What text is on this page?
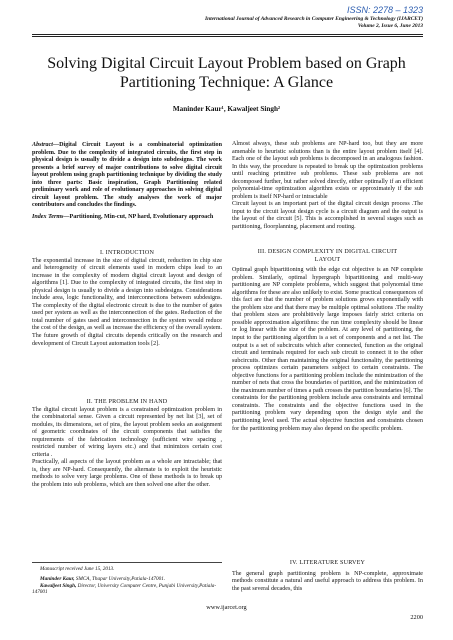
ISSN: 2278 – 1323
International Journal of Advanced Research in Computer Engineering & Technology (IJARCET)
Volume 2, Issue 6, June 2013
Solving Digital Circuit Layout Problem based on Graph Partitioning Technique: A Glance
Maninder Kaur¹, Kawaljeet Singh²
Abstract—Digital Circuit Layout is a combinatorial optimization problem. Due to the complexity of integrated circuits, the first step in physical design is usually to divide a design into subdesigns. The work presents a brief survey of major contributions to solve digital circuit layout problem using graph partitioning technique by dividing the study into three parts: Basic inspiration, Graph Partitioning related preliminary work and role of evolutionary approaches in solving digital circuit layout problem. The study analyses the work of major contributors and concludes the findings.
Index Terms—Partitioning, Min-cut, NP hard, Evolutionary approach
I. INTRODUCTION

The exponential increase in the size of digital circuit, reduction in chip size and heterogeneity of circuit elements used in modern chips lead to an increase in the complexity of modern digital circuit layout and design of algorithms [1]. Due to the complexity of integrated circuits, the first step in physical design is usually to divide a design into subdesigns. Considerations include area, logic functionality, and interconnections between subdesigns. The complexity of the digital electronic circuit is due to the number of gates used per system as well as the interconnection of the gates. Reduction of the total number of gates used and interconnection in the system would reduce the cost of the design, as well as increase the efficiency of the overall system. The future growth of digital circuits depends critically on the research and development of Circuit Layout automation tools [2].

II. THE PROBLEM IN HAND

The digital circuit layout problem is a constrained optimization problem in the combinatorial sense. Given a circuit represented by net list [3], set of modules, its dimensions, set of pins, the layout problem seeks an assignment of geometric coordinates of the circuit components that satisfies the requirements of the fabrication technology (sufficient wire spacing , restricted number of wiring layers etc.) and that minimizes certain cost criteria .

Practically, all aspects of the layout problem as a whole are intractable; that is, they are NP-hard. Consequently, the alternate is to exploit the heuristic methods to solve very large problems. One of these methods is to break up the problem into sub problems, which are then solved one after the other.

Manuscript received June 15, 2013.
Maninder Kaur, SMCA, Thapar University,Patiala-147001.
Kawaljeet Singh, Director, University Computer Centre, Punjabi University,Patiala-147001

Almost always, these sub problems are NP-hard too, but they are more amenable to heuristic solutions than is the entire layout problem itself [4]. Each one of the layout sub problems is decomposed in an analogous fashion. In this way, the procedure is repeated to break up the optimization problems until reaching primitive sub problems. These sub problems are not decomposed further, but rather solved directly, either optimally if an efficient polynomial-time optimization algorithm exists or approximately if the sub problem is itself NP-hard or intractable

Circuit layout is an important part of the digital circuit design process .The input to the circuit layout design cycle is a circuit diagram and the output is the layout of the circuit [5]. This is accomplished in several stages such as partitioning, floorplanning, placement and routing.

III. DESIGN COMPLEXITY IN DIGITAL CIRCUIT
LAYOUT

Optimal graph bipartitioning with the edge cut objective is an NP complete problem. Similarly, optimal hypergraph bipartitioning and multi-way partitioning are NP complete problems, which suggest that polynomial time algorithms for these are also unlikely to exist. Some practical consequences of this fact are that the number of problem solutions grows exponentially with the problem size and that there may be multiple optimal solutions .The reality that problem sizes are prohibitively large imposes fairly strict criteria on possible approximation algorithms: the run time complexity should be linear or log linear with the size of the problem. At any level of partitioning, the input to the partitioning algorithm is a set of components and a net list. The output is a set of subcircuits which after connected, function as the original circuit and terminals required for each sub circuit to connect it to the other subcircuits. Other than maintaining the original functionality, the partitioning process optimizes certain parameters subject to certain constraints. The objective functions for a partitioning problem include the minimization of the number of nets that cross the boundaries of partition, and the minimization of the maximum number of times a path crosses the partition boundaries [6]. The constraints for the partitioning problem include area constraints and terminal constraints. The constraints and the objective functions used in the partitioning problem vary depending upon the design style and the partitioning level used. The actual objective function and constraints chosen for the partitioning problem may also depend on the specific problem.

IV. LITERATURE SURVEY

The general graph partitioning problem is NP-complete, approximate methods constitute a natural and useful approach to address this problem. In the past several decades, this

www.ijarcet.org
2200
